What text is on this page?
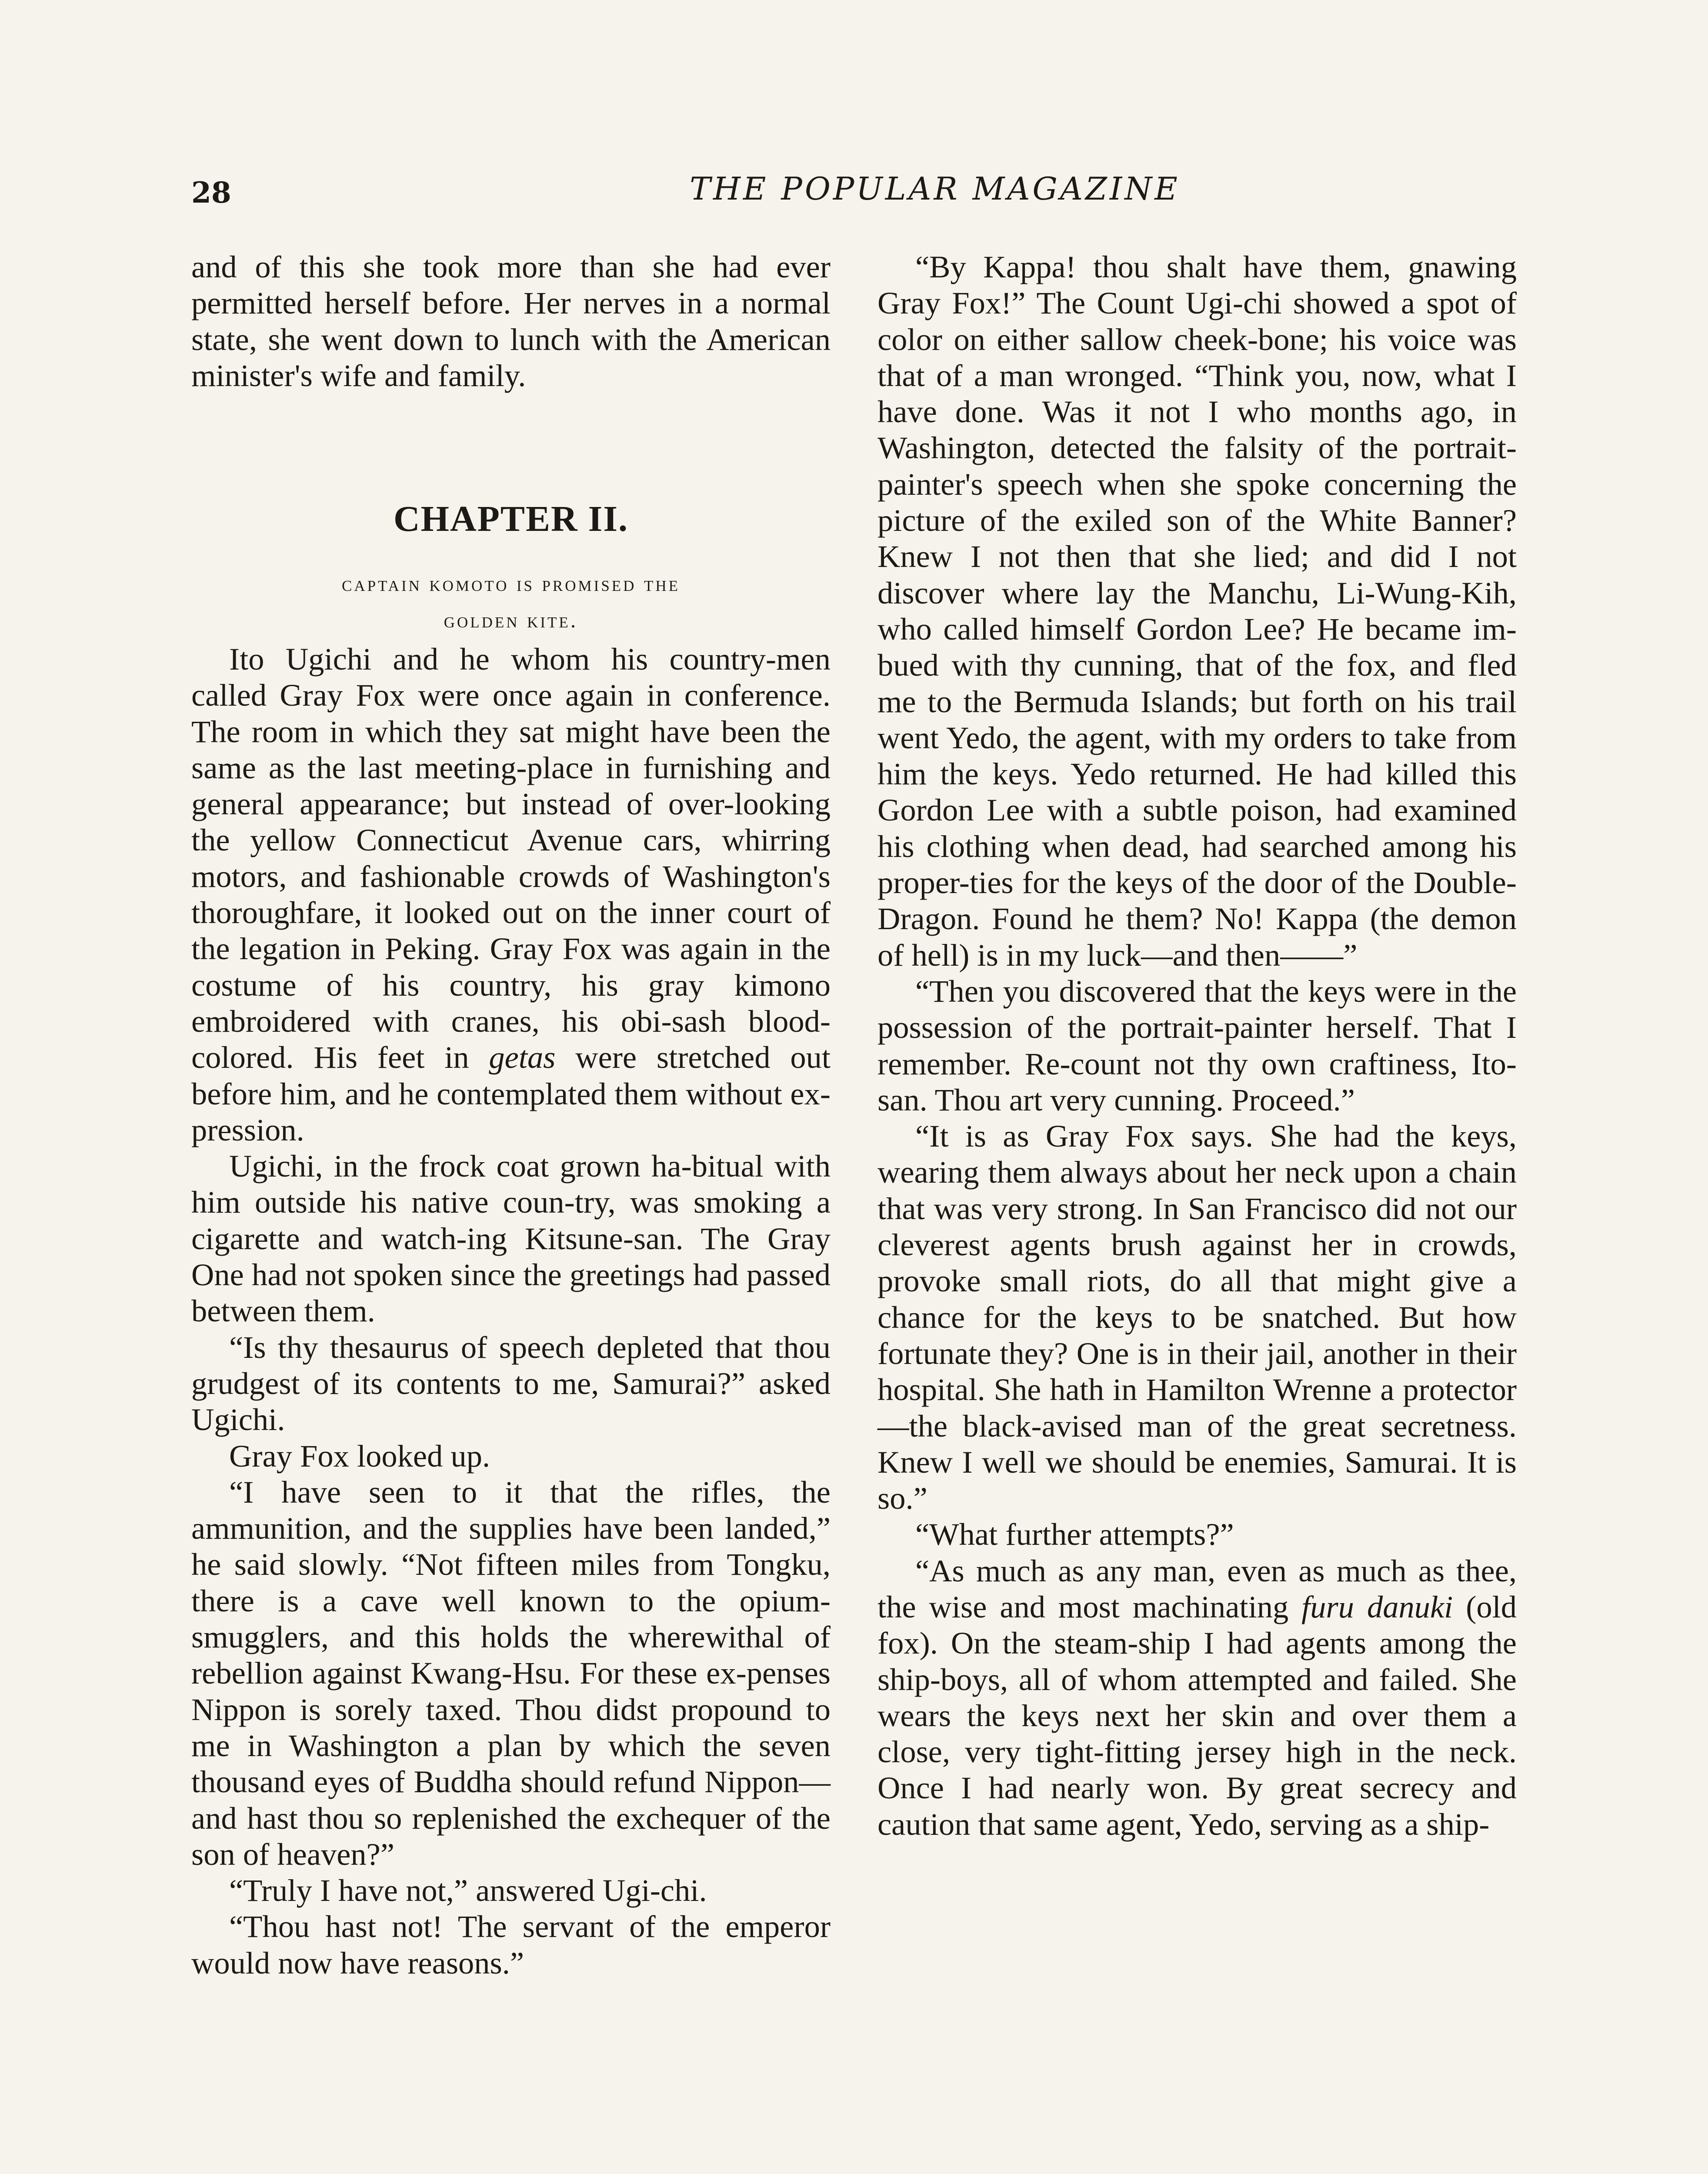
28	THE POPULAR MAGAZINE

and of this she took more than she had ever permitted herself before. Her nerves in a normal state, she went down to lunch with the American minister's wife and family.

CHAPTER II.
captain komoto is promised the
golden kite.

Ito Ugichi and he whom his country-men called Gray Fox were once again in conference. The room in which they sat might have been the same as the last meeting-place in furnishing and general appearance; but instead of over-looking the yellow Connecticut Avenue cars, whirring motors, and fashionable crowds of Washington's thoroughfare, it looked out on the inner court of the legation in Peking. Gray Fox was again in the costume of his country, his gray kimono embroidered with cranes, his obi-sash blood-colored. His feet in getas were stretched out before him, and he contemplated them without ex-pression.

Ugichi, in the frock coat grown ha-bitual with him outside his native coun-try, was smoking a cigarette and watch-ing Kitsune-san. The Gray One had not spoken since the greetings had passed between them.

“Is thy thesaurus of speech depleted that thou grudgest of its contents to me, Samurai?” asked Ugichi.

Gray Fox looked up.

“I have seen to it that the rifles, the ammunition, and the supplies have been landed,” he said slowly. “Not fifteen miles from Tongku, there is a cave well known to the opium-smugglers, and this holds the wherewithal of rebellion against Kwang-Hsu. For these ex-penses Nippon is sorely taxed. Thou didst propound to me in Washington a plan by which the seven thousand eyes of Buddha should refund Nippon—and hast thou so replenished the exchequer of the son of heaven?”

“Truly I have not,” answered Ugi-chi.

“Thou hast not! The servant of the emperor would now have reasons.”

“By Kappa! thou shalt have them, gnawing Gray Fox!” The Count Ugi-chi showed a spot of color on either sallow cheek-bone; his voice was that of a man wronged. “Think you, now, what I have done. Was it not I who months ago, in Washington, detected the falsity of the portrait-painter's speech when she spoke concerning the picture of the exiled son of the White Banner? Knew I not then that she lied; and did I not discover where lay the Manchu, Li-Wung-Kih, who called himself Gordon Lee? He became im-bued with thy cunning, that of the fox, and fled me to the Bermuda Islands; but forth on his trail went Yedo, the agent, with my orders to take from him the keys. Yedo returned. He had killed this Gordon Lee with a subtle poison, had examined his clothing when dead, had searched among his proper-ties for the keys of the door of the Double-Dragon. Found he them? No! Kappa (the demon of hell) is in my luck—and then——”

“Then you discovered that the keys were in the possession of the portrait-painter herself. That I remember. Re-count not thy own craftiness, Ito-san. Thou art very cunning. Proceed.”

“It is as Gray Fox says. She had the keys, wearing them always about her neck upon a chain that was very strong. In San Francisco did not our cleverest agents brush against her in crowds, provoke small riots, do all that might give a chance for the keys to be snatched. But how fortunate they? One is in their jail, another in their hospital. She hath in Hamilton Wrenne a protector—the black-avised man of the great secretness. Knew I well we should be enemies, Samurai. It is so.”

“What further attempts?”

“As much as any man, even as much as thee, the wise and most machinating furu danuki (old fox). On the steam-ship I had agents among the ship-boys, all of whom attempted and failed. She wears the keys next her skin and over them a close, very tight-fitting jersey high in the neck. Once I had nearly won. By great secrecy and caution that same agent, Yedo, serving as a ship-
